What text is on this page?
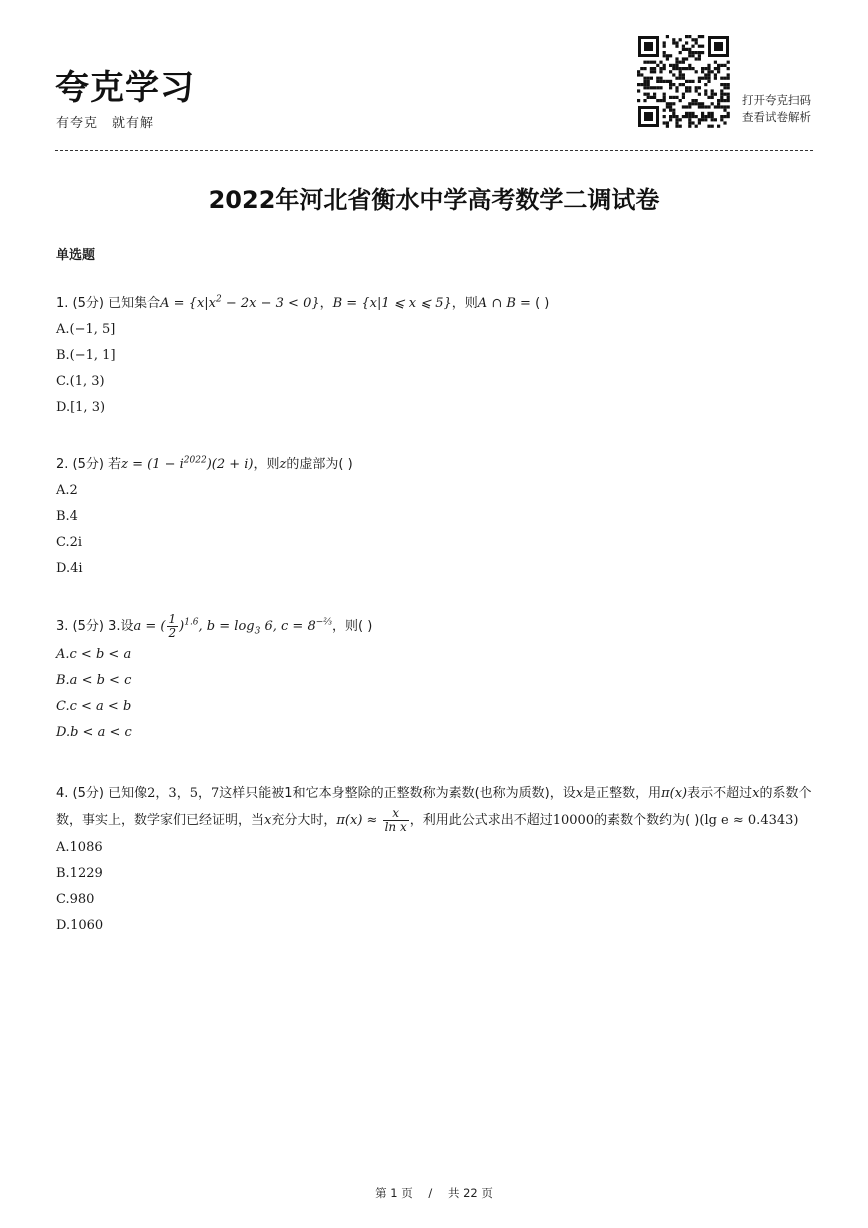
夸克学习
有夸克 就有解
打开夸克扫码
查看试卷解析
2022年河北省衡水中学高考数学二调试卷
单选题
1. (5分) 已知集合$A = \{x|x^2 - 2x - 3 < 0\}$，B = {x|1 ⩽ x ⩽ 5}，则A ∩ B = ( )
A.(−1, 5]
B.(−1, 1]
C.(1, 3)
D.[1, 3)
2. (5分) 若$z = (1 - i^{2022})(2 + i)$，则z的虚部为( )
A.2
B.4
C.2i
D.4i
3. (5分) 3.设a = ( $\frac{1}{2} )^{1.6}$, $b = \log_3 6$, $c = 8^{-\frac{2}{3}}$，则( )
A.c < b < a
B.a < b < c
C.c < a < b
D.b < a < c
4. (5分) 已知像2，3，5，7这样只能被1和它本身整除的正整数称为素数(也称为质数)，设x是正整数，用π(x)表示不超过x的系数个数，事实上，数学家们已经证明，当x充分大时，$\pi(x) \approx \frac{x}{\text{ln x}}$ ，利用此公式求出不超过10000的素数个数约为( )(lg e ≈ 0.4343)
A.1086
B.1229
C.980
D.1060
第 1 页 / 共 22 页
